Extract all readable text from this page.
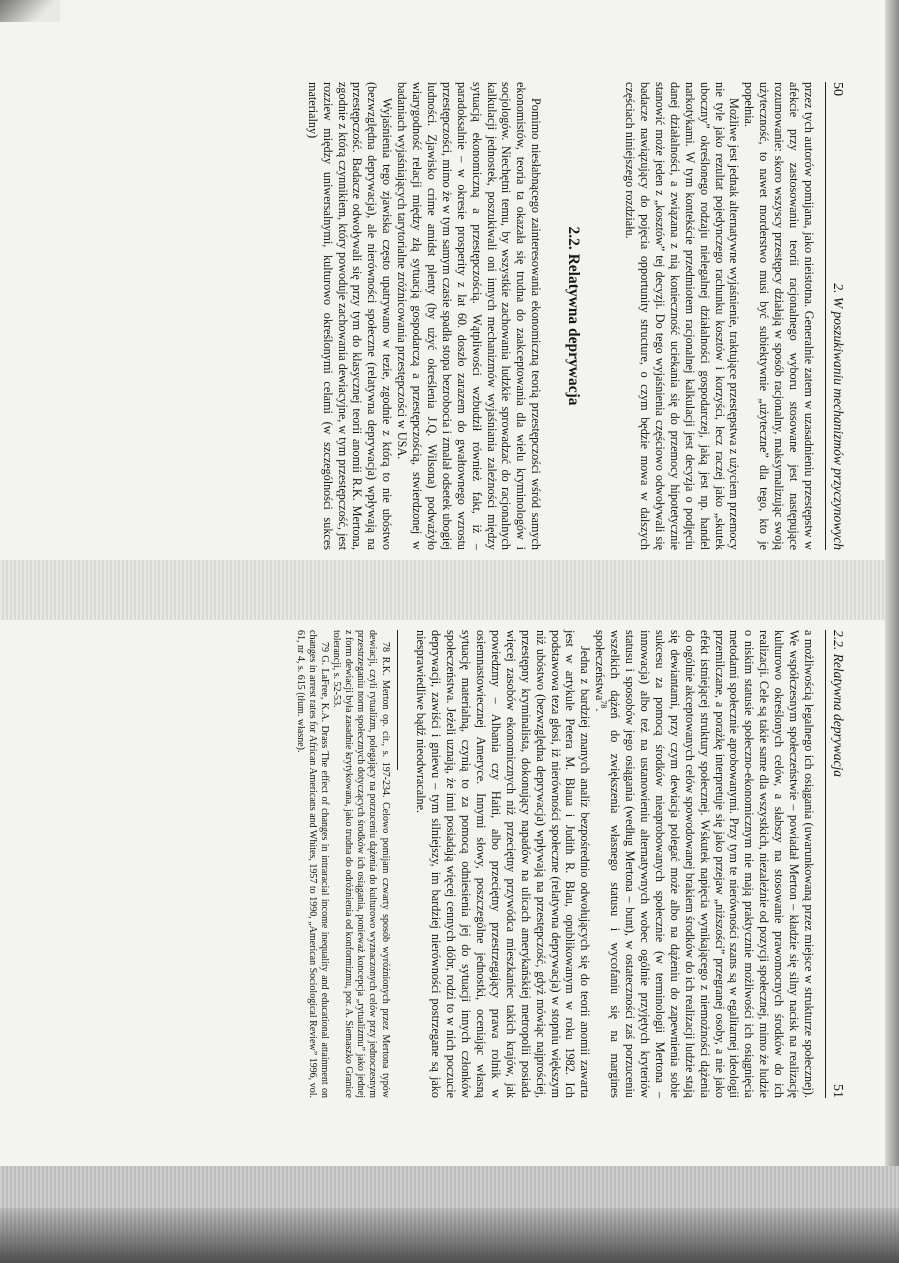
50
2. W poszukiwaniu mechanizmów przyczynowych

przez tych autorów pomijana, jako nieistotna. Generalnie zatem w uzasadnieniu przestępstw w afekcie przy zastosowaniu teorii racjonalnego wyboru stosowane jest następujące rozumowanie: skoro wszyscy przestępcy działają w sposób racjonalny, maksymalizując swoją użyteczność, to nawet morderstwo musi być subiektywnie „użyteczne” dla tego, kto je popełnia.

Możliwe jest jednak alternatywne wyjaśnienie, traktujące przestępstwa z użyciem przemocy nie tyle jako rezultat pojedynczego rachunku kosztów i korzyści, lecz raczej jako „skutek uboczny” określonego rodzaju nielegalnej działalności gospodarczej, jaką jest np. handel narkotykami. W tym kontekście przedmiotem racjonalnej kalkulacji jest decyzja o podjęciu danej działalności, a związana z nią konieczność uciekania się do przemocy hipotetycznie stanowić może jeden z „kosztów” tej decyzji. Do tego wyjaśnienia częściowo odwoływali się badacze nawiązujący do pojęcia opportunity structure, o czym będzie mowa w dalszych częściach niniejszego rozdziału.

2.2. Relatywna deprywacja

Pomimo niesłabnącego zainteresowania ekonomiczną teorią przestępczości wśród samych ekonomistów, teoria ta okazała się trudna do zaakceptowania dla wielu kryminologów i socjologów. Niechętni temu, by wszystkie zachowania ludzkie sprowadzać do racjonalnych kalkulacji jednostek, poszukiwali oni innych mechanizmów wyjaśniania zależności między sytuacją ekonomiczną a przestępczością. Wątpliwości wzbudził również fakt, iż – paradoksalnie – w okresie prosperity z lat 60. doszło zarazem do gwałtownego wzrostu przestępczości, mimo że w tym samym czasie spadła stopa bezrobocia i zmalał odsetek ubogiej ludności. Zjawisko crime amidst plenty (by użyć określenia J.Q. Wilsona) podważyło wiarygodność relacji między złą sytuacją gospodarczą a przestępczością, stwierdzonej w badaniach wyjaśniających tarytorialne zróżnicowania przestępczości w USA.

Wyjaśnienia tego zjawiska często upatrywano w tezie, zgodnie z którą to nie ubóstwo (bezwzględna deprywacja), ale nierówności społeczne (relatywna deprywacja) wpływają na przestępczość. Badacze odwoływali się przy tym do klasycznej teorii anomii R.K. Mertona, zgodnie z którą czynnikiem, który powoduje zachowania dewiacyjne, w tym przestępczość, jest rozziew między uniwersalnymi, kulturowo określonymi celami (w szczególności sukces materialny)

2.2. Relatywna deprywacja
51

a możliwością legalnego ich osiągania (uwarunkowaną przez miejsce w strukturze społecznej). We współczesnym społeczeństwie – powiadał Merton – kładzie się silny nacisk na realizację kulturowo określonych celów, a słabszy na stosowanie prawomocnych środków do ich realizacji. Cele są takie same dla wszystkich, niezależnie od pozycji społecznej, mimo że ludzie o niskim statusie społeczno-ekonomicznym nie mają praktycznie możliwości ich osiągnięcia metodami społecznie aprobowanymi. Przy tym te nierówności szans są w egalitarnej ideologii przemilczane, a porażkę interpretuje się jako przejaw „niższości” przegranej osoby, a nie jako efekt istniejącej struktury społecznej. Wskutek napięcia wynikającego z niemożności dążenia do ogólnie akceptowanych celów spowodowanej brakiem środków do ich realizacji ludzie stają się dewiantami, przy czym dewiacja polegać może albo na dążeniu do zapewnienia sobie sukcesu za pomocą środków nieaprobowanych społecznie (w terminologii Mertona – innowacja) albo też na ustanowieniu alternatywnych wobec ogólnie przyjętych kryteriów statusu i sposobów jego osiągania (według Mertona – bunt), w ostateczności zaś porzuceniu wszelkich dążeń do zwiększenia własnego statusu i wycofaniu się na margines społeczeństwa$^{78}$.

Jedna z bardziej znanych analiz bezpośrednio odwołujących się do teorii anomii zawarta jest w artykule Petera M. Blaua i Judith R. Blau, opublikowanym w roku 1982. Ich podstawowa teza głosi, iż nierówności społeczne (relatywna deprywacja) w stopniu większym niż ubóstwo (bezwzględna deprywacja) wpływają na przestępczość, gdyż mówiąc najprościej, przestępny kryminalista, dokonujący napadów na ulicach amerykańskiej metropolii posiada więcej zasobów ekonomicznych niż przeciętny przywódca mieszkaniec takich krajów, jak powiedzmy – Albania czy Haiti, albo przeciętny przestrzegający prawa rolnik w osiemnastowiecznej Ameryce. Innymi słowy, poszczególne jednostki, oceniając własną sytuację materialną, czynią to za pomocą odniesienia jej do sytuacji innych członków społeczeństwa. Jeżeli uznają, że inni posiadają więcej cennych dóbr, rodzi to w nich poczucie deprywacji, zawiści i gniewu – tym silniejszy, im bardziej nierówności postrzegane są jako niesprawiedliwe bądź nieodwracalne.

78 R.K. Merton op. cit., s. 197-234. Celowo pomijam czwarty sposób wyróżnionych przez Mertona typów dewiacji, czyli rytualizm, polegający na porzuceniu dążenia do kulturowo wyznaczonych celów przy jednoczesnym przestrzeganiu norm społecznych dotyczących środków ich osiągania, ponieważ koncepcja „rytualizmu” jako jednej z form dewiacji była zasadnie krytykowana, jako trudna do odróżnienia od konformizmu, por. A. Siemaszko Granice tolerancji, s. 52-53.

79 G. LaFree, K.A. Drass The effect of changes in intraracial income inequality and educational attainment on changes in arrest rates for African Americans and Whites, 1957 to 1990, „American Sociological Review” 1996, vol. 61, nr 4, s. 615 (tłum. własne).
